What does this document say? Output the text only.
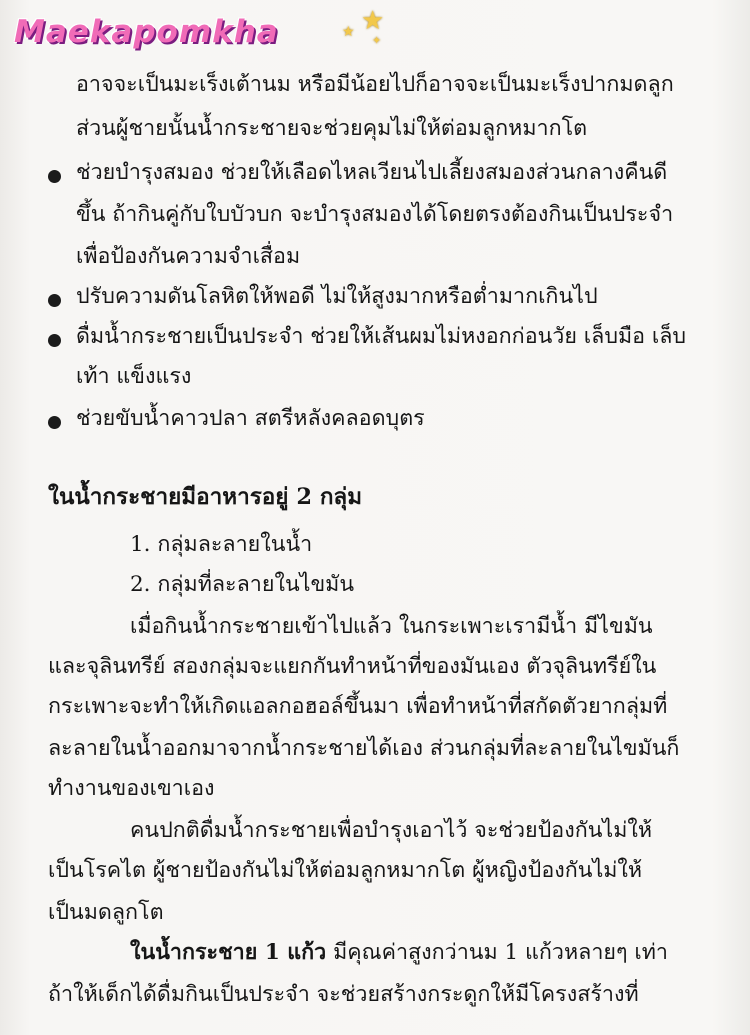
Maekapomkha	★
★
✦
อาจจะเป็นมะเร็งเต้านม หรือมีน้อยไปก็อาจจะเป็นมะเร็งปากมดลูก
ส่วนผู้ชายนั้นน้ำกระชายจะช่วยคุมไม่ให้ต่อมลูกหมากโต
ช่วยบำรุงสมอง ช่วยให้เลือดไหลเวียนไปเลี้ยงสมองส่วนกลางคืนดี
ขึ้น ถ้ากินคู่กับใบบัวบก จะบำรุงสมองได้โดยตรงต้องกินเป็นประจำ
เพื่อป้องกันความจำเสื่อม
ปรับความดันโลหิตให้พอดี ไม่ให้สูงมากหรือต่ำมากเกินไป
ดื่มน้ำกระชายเป็นประจำ ช่วยให้เส้นผมไม่หงอกก่อนวัย เล็บมือ เล็บ
เท้า แข็งแรง
ช่วยขับน้ำคาวปลา สตรีหลังคลอดบุตร
ในน้ำกระชายมีอาหารอยู่ 2 กลุ่ม
1. กลุ่มละลายในน้ำ
2. กลุ่มที่ละลายในไขมัน
เมื่อกินน้ำกระชายเข้าไปแล้ว ในกระเพาะเรามีน้ำ มีไขมัน
และจุลินทรีย์ สองกลุ่มจะแยกกันทำหน้าที่ของมันเอง ตัวจุลินทรีย์ใน
กระเพาะจะทำให้เกิดแอลกอฮอล์ขึ้นมา เพื่อทำหน้าที่สกัดตัวยากลุ่มที่
ละลายในน้ำออกมาจากน้ำกระชายได้เอง ส่วนกลุ่มที่ละลายในไขมันก็
ทำงานของเขาเอง
คนปกติดื่มน้ำกระชายเพื่อบำรุงเอาไว้ จะช่วยป้องกันไม่ให้
เป็นโรคไต ผู้ชายป้องกันไม่ให้ต่อมลูกหมากโต ผู้หญิงป้องกันไม่ให้
เป็นมดลูกโต
ในน้ำกระชาย 1 แก้ว มีคุณค่าสูงกว่านม 1 แก้วหลายๆ เท่า
ถ้าให้เด็กได้ดื่มกินเป็นประจำ จะช่วยสร้างกระดูกให้มีโครงสร้างที่
